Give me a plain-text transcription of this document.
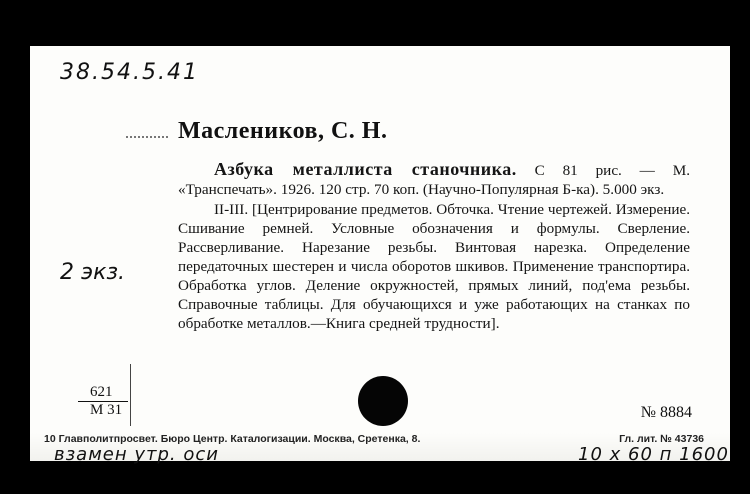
38.54.5.41
Маслеников, С. Н.

Азбука металлиста станочника. С 81 рис. — М. «Транспечать». 1926. 120 стр. 70 коп. (Научно-Популярная Б-ка). 5.000 экз.

II-III. [Центрирование предметов. Обточка. Чтение чертежей. Измерение. Сшивание ремней. Условные обозначения и формулы. Сверление. Рассверливание. Нарезание резьбы. Винтовая нарезка. Определение передаточных шестерен и числа оборотов шкивов. Применение транспортира. Обработка углов. Деление окружностей, прямых линий, под'ема резьбы. Справочные таблицы. Для обучающихся и уже работающих на станках по обработке металлов.—Книга средней трудности].

2 экз.
621
М 31	№ 8884
10 Главполитпросвет. Бюро Центр. Каталогизации. Москва, Сретенка, 8.	Гл. лит. № 43736
взамен утр. оси	10 х 60 п 1600
